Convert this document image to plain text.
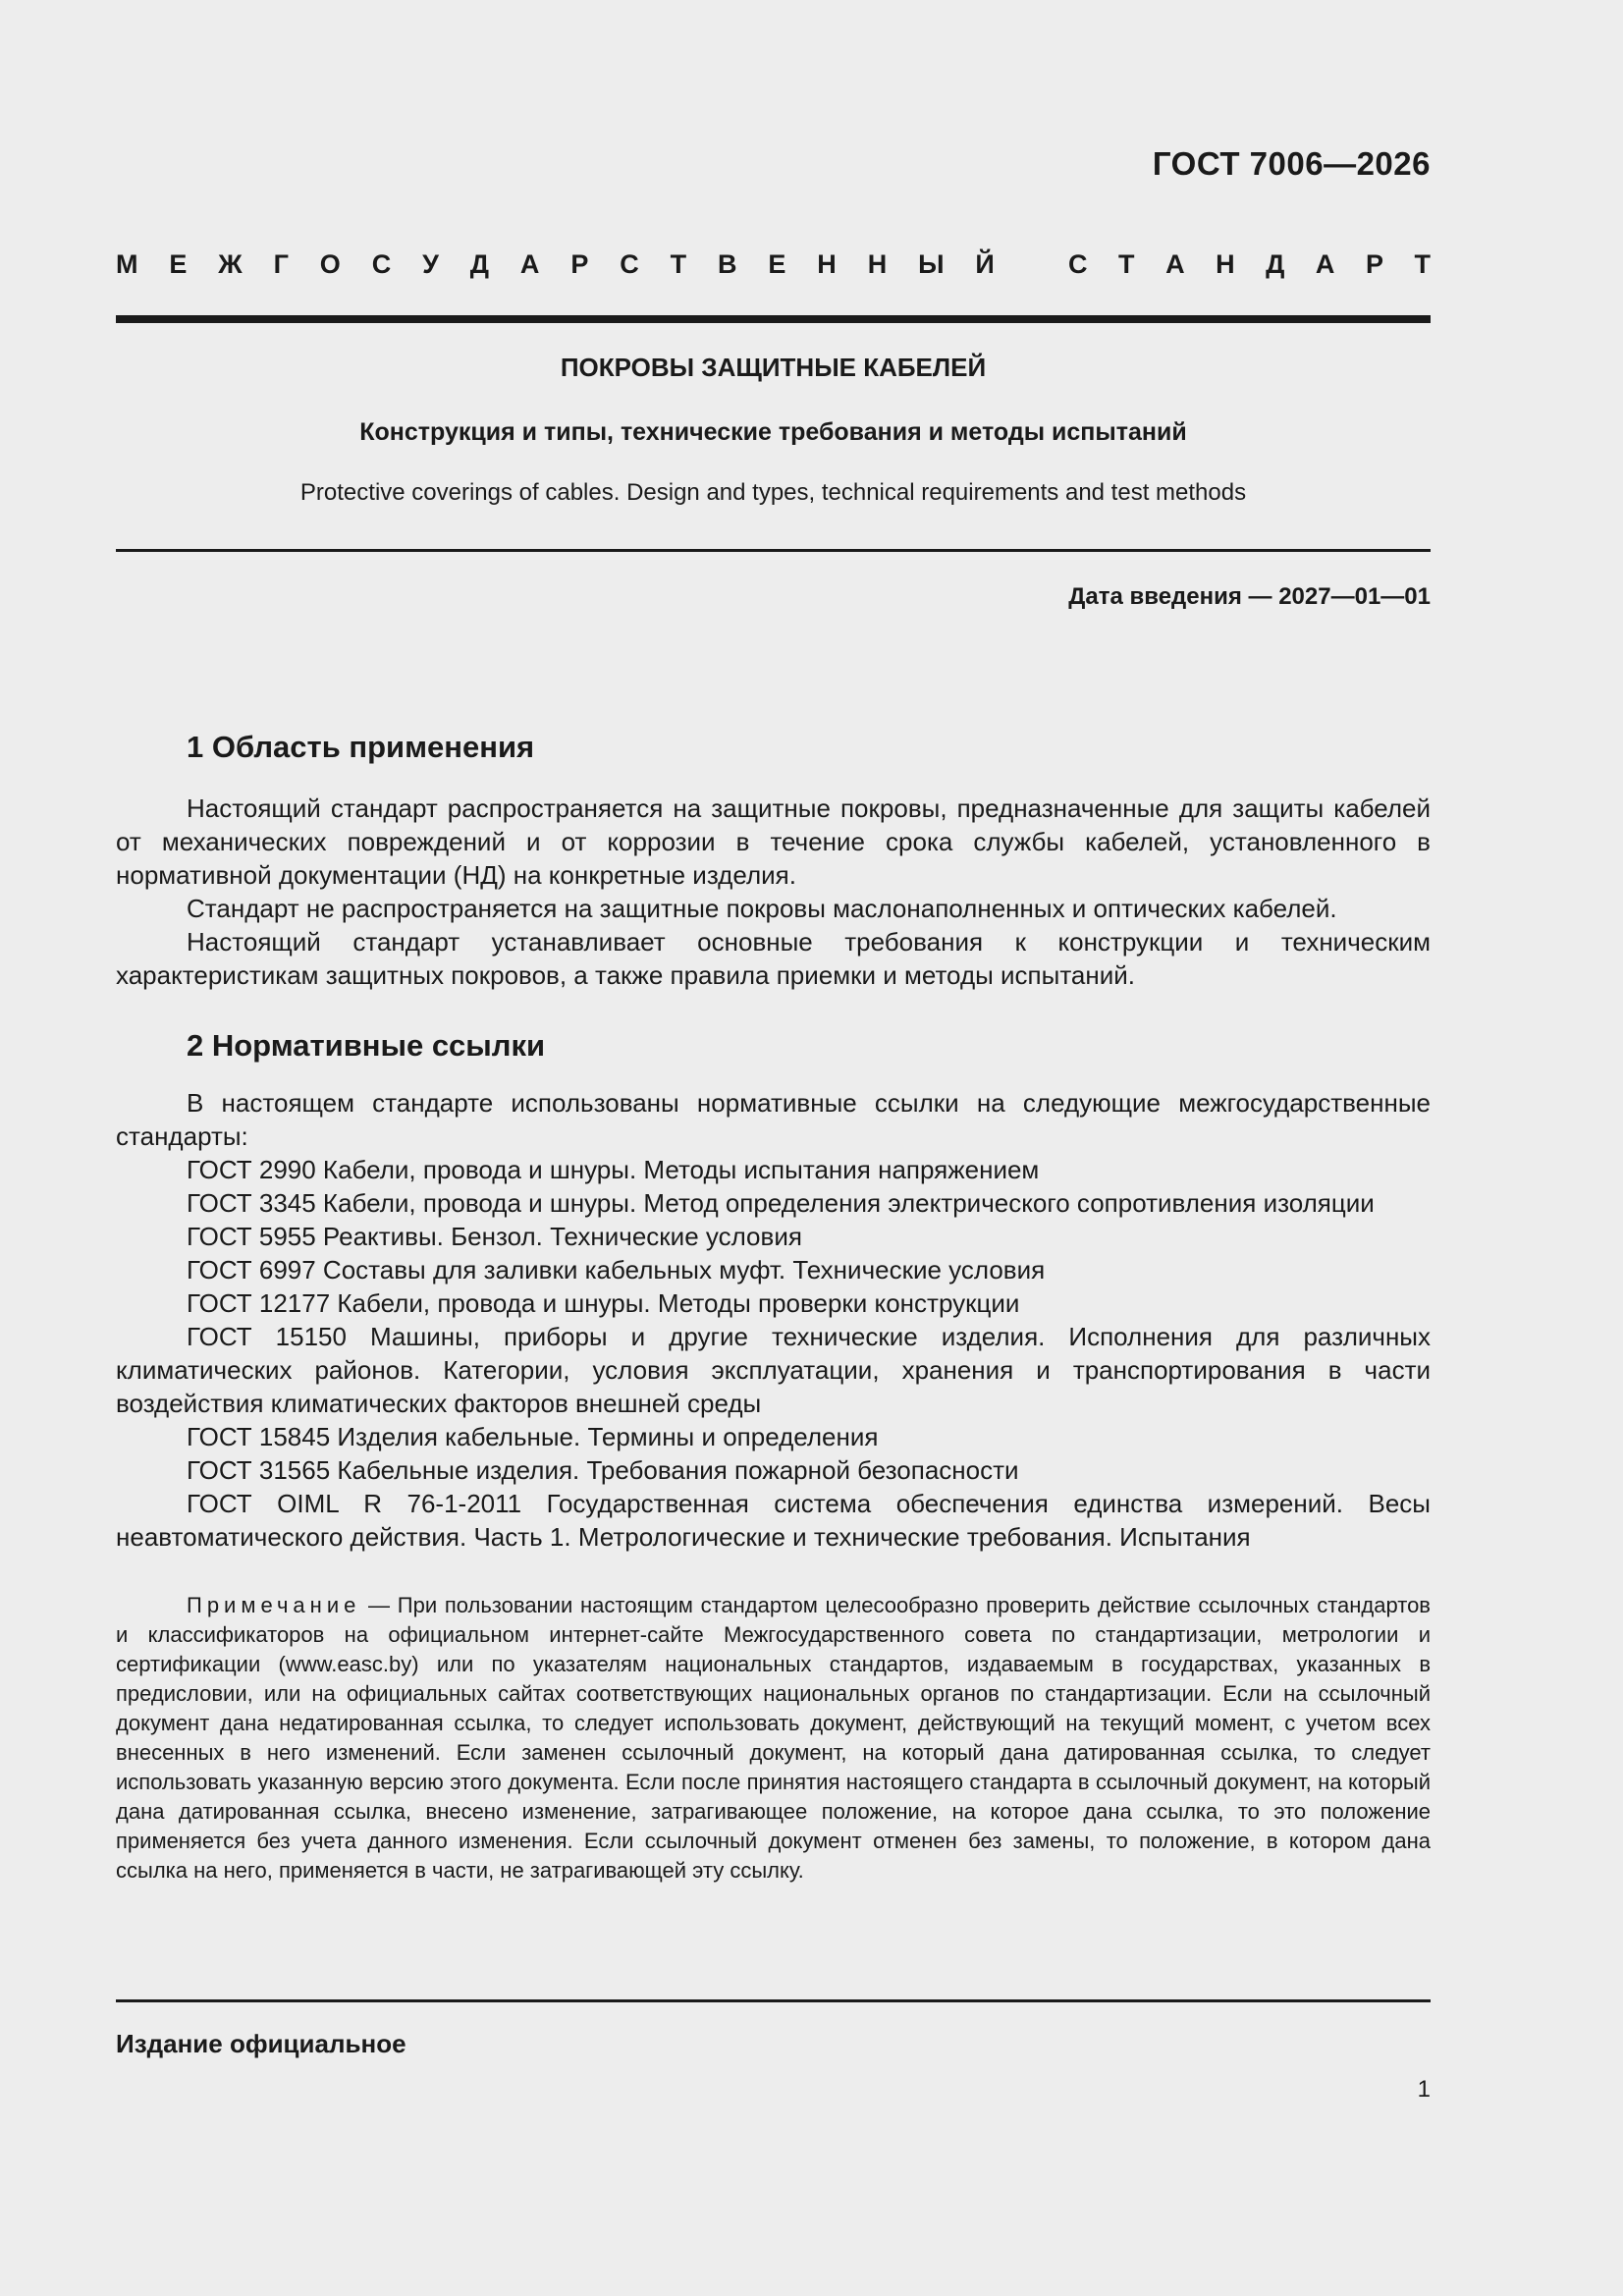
ГОСТ 7006—2026
М Е Ж Г О С У Д А Р С Т В Е Н Н Ы Й	С Т А Н Д А Р Т
ПОКРОВЫ ЗАЩИТНЫЕ КАБЕЛЕЙ
Конструкция и типы, технические требования и методы испытаний
Protective coverings of cables. Design and types, technical requirements and test methods
Дата введения — 2027—01—01
1 Область применения

Настоящий стандарт распространяется на защитные покровы, предназначенные для защиты кабелей от механических повреждений и от коррозии в течение срока службы кабелей, установленного в нормативной документации (НД) на конкретные изделия.

Стандарт не распространяется на защитные покровы маслонаполненных и оптических кабелей.

Настоящий стандарт устанавливает основные требования к конструкции и техническим характеристикам защитных покровов, а также правила приемки и методы испытаний.

2 Нормативные ссылки

В настоящем стандарте использованы нормативные ссылки на следующие межгосударственные стандарты:

ГОСТ 2990 Кабели, провода и шнуры. Методы испытания напряжением

ГОСТ 3345 Кабели, провода и шнуры. Метод определения электрического сопротивления изоляции

ГОСТ 5955 Реактивы. Бензол. Технические условия

ГОСТ 6997 Составы для заливки кабельных муфт. Технические условия

ГОСТ 12177 Кабели, провода и шнуры. Методы проверки конструкции

ГОСТ 15150 Машины, приборы и другие технические изделия. Исполнения для различных климатических районов. Категории, условия эксплуатации, хранения и транспортирования в части воздействия климатических факторов внешней среды

ГОСТ 15845 Изделия кабельные. Термины и определения

ГОСТ 31565 Кабельные изделия. Требования пожарной безопасности

ГОСТ OIML R 76-1-2011 Государственная система обеспечения единства измерений. Весы неавтоматического действия. Часть 1. Метрологические и технические требования. Испытания

Примечание — При пользовании настоящим стандартом целесообразно проверить действие ссылочных стандартов и классификаторов на официальном интернет-сайте Межгосударственного совета по стандартизации, метрологии и сертификации (www.easc.by) или по указателям национальных стандартов, издаваемым в государствах, указанных в предисловии, или на официальных сайтах соответствующих национальных органов по стандартизации. Если на ссылочный документ дана недатированная ссылка, то следует использовать документ, действующий на текущий момент, с учетом всех внесенных в него изменений. Если заменен ссылочный документ, на который дана датированная ссылка, то следует использовать указанную версию этого документа. Если после принятия настоящего стандарта в ссылочный документ, на который дана датированная ссылка, внесено изменение, затрагивающее положение, на которое дана ссылка, то это положение применяется без учета данного изменения. Если ссылочный документ отменен без замены, то положение, в котором дана ссылка на него, применяется в части, не затрагивающей эту ссылку.

Издание официальное
1
